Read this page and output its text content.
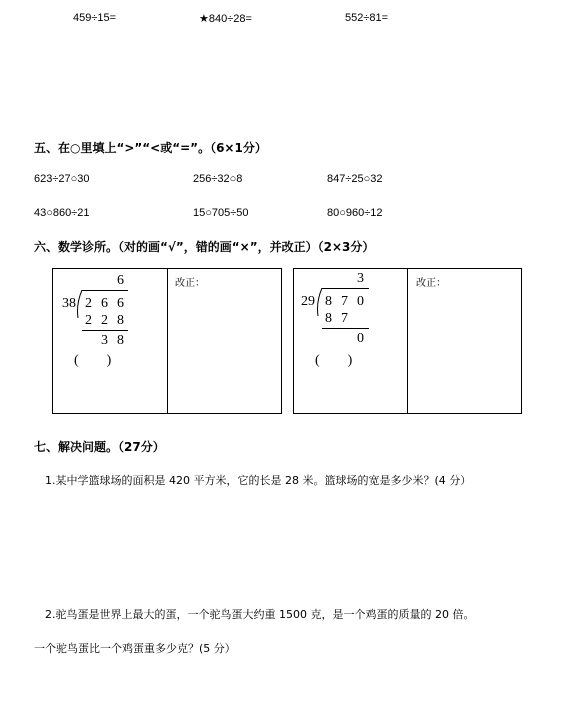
459÷15=	★840÷28=	552÷81=
五、在○里填上“>”“<或“=”。（6×1分）
623÷27○30	256÷32○8	847÷25○32
43○860÷21	15○705÷50	80○960÷12
六、数学诊所。（对的画“√”，错的画“×”，并改正）（2×3分）
改正：
6
38 2 6 6
2 2 8
3 8
(        )
改正：
3
29 8 7 0
8 7
0
(        )
七、解决问题。（27分）
1.某中学篮球场的面积是 420 平方米，它的长是 28 米。篮球场的宽是多少米？(4 分）
2.驼鸟蛋是世界上最大的蛋，一个驼鸟蛋大约重 1500 克，是一个鸡蛋的质量的 20 倍。
一个驼鸟蛋比一个鸡蛋重多少克？(5 分）
